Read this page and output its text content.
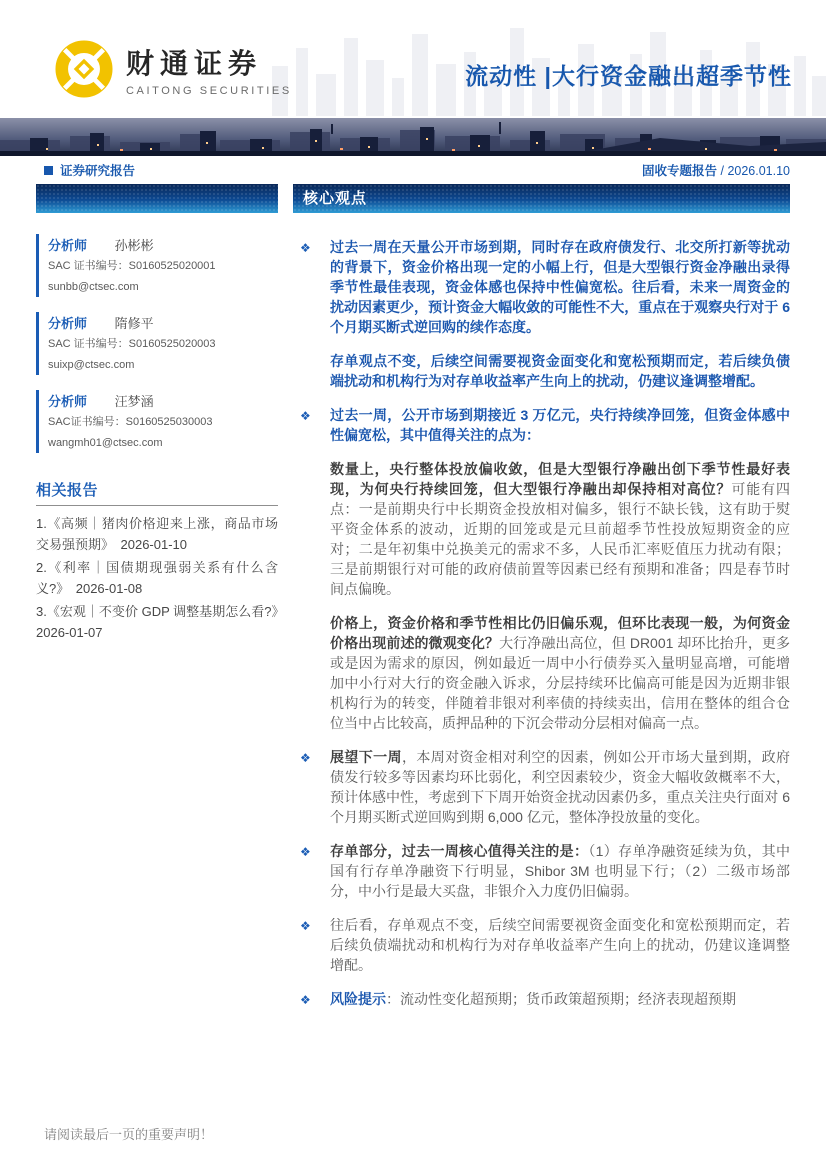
财通证券
CAITONG SECURITIES
流动性 |大行资金融出超季节性
证券研究报告	固收专题报告 / 2026.01.10
核心观点
分析师 孙彬彬
SAC 证书编号：S0160525020001
sunbb@ctsec.com
分析师 隋修平
SAC 证书编号：S0160525020003
suixp@ctsec.com
分析师 汪梦涵
SAC证书编号：S0160525030003
wangmh01@ctsec.com
相关报告
1.《高频｜猪肉价格迎来上涨，商品市场交易强预期》　2026-01-10
2.《利率｜国债期现强弱关系有什么含义?》　2026-01-08
3.《宏观｜不变价 GDP 调整基期怎么看?》　2026-01-07
❖ 过去一周在天量公开市场到期，同时存在政府债发行、北交所打新等扰动的背景下，资金价格出现一定的小幅上行，但是大型银行资金净融出录得季节性最佳表现，资金体感也保持中性偏宽松。往后看，未来一周资金的扰动因素更少，预计资金大幅收敛的可能性不大，重点在于观察央行对于 6 个月期买断式逆回购的续作态度。
存单观点不变，后续空间需要视资金面变化和宽松预期而定，若后续负债端扰动和机构行为对存单收益率产生向上的扰动，仍建议逢调整增配。
❖ 过去一周，公开市场到期接近 3 万亿元，央行持续净回笼，但资金体感中性偏宽松，其中值得关注的点为：
数量上，央行整体投放偏收敛，但是大型银行净融出创下季节性最好表现，为何央行持续回笼，但大型银行净融出却保持相对高位？可能有四点：一是前期央行中长期资金投放相对偏多，银行不缺长钱，这有助于熨平资金体系的波动，近期的回笼或是元旦前超季节性投放短期资金的应对；二是年初集中兑换美元的需求不多，人民币汇率贬值压力扰动有限；三是前期银行对可能的政府债前置等因素已经有预期和准备；四是春节时间点偏晚。
价格上，资金价格和季节性相比仍旧偏乐观，但环比表现一般，为何资金价格出现前述的微观变化？大行净融出高位，但 DR001 却环比抬升，更多或是因为需求的原因，例如最近一周中小行债券买入量明显高增，可能增加中小行对大行的资金融入诉求，分层持续环比偏高可能是因为近期非银机构行为的转变，伴随着非银对利率债的持续卖出，信用在整体的组合仓位当中占比较高，质押品种的下沉会带动分层相对偏高一点。
❖ 展望下一周，本周对资金相对利空的因素，例如公开市场大量到期，政府债发行较多等因素均环比弱化，利空因素较少，资金大幅收敛概率不大，预计体感中性，考虑到下下周开始资金扰动因素仍多，重点关注央行面对 6 个月期买断式逆回购到期 6,000 亿元，整体净投放量的变化。
❖ 存单部分，过去一周核心值得关注的是：（1）存单净融资延续为负，其中国有行存单净融资下行明显，Shibor 3M 也明显下行；（2）二级市场部分，中小行是最大买盘，非银介入力度仍旧偏弱。
❖ 往后看，存单观点不变，后续空间需要视资金面变化和宽松预期而定，若后续负债端扰动和机构行为对存单收益率产生向上的扰动，仍建议逢调整增配。
❖ 风险提示：流动性变化超预期；货币政策超预期；经济表现超预期
请阅读最后一页的重要声明！
